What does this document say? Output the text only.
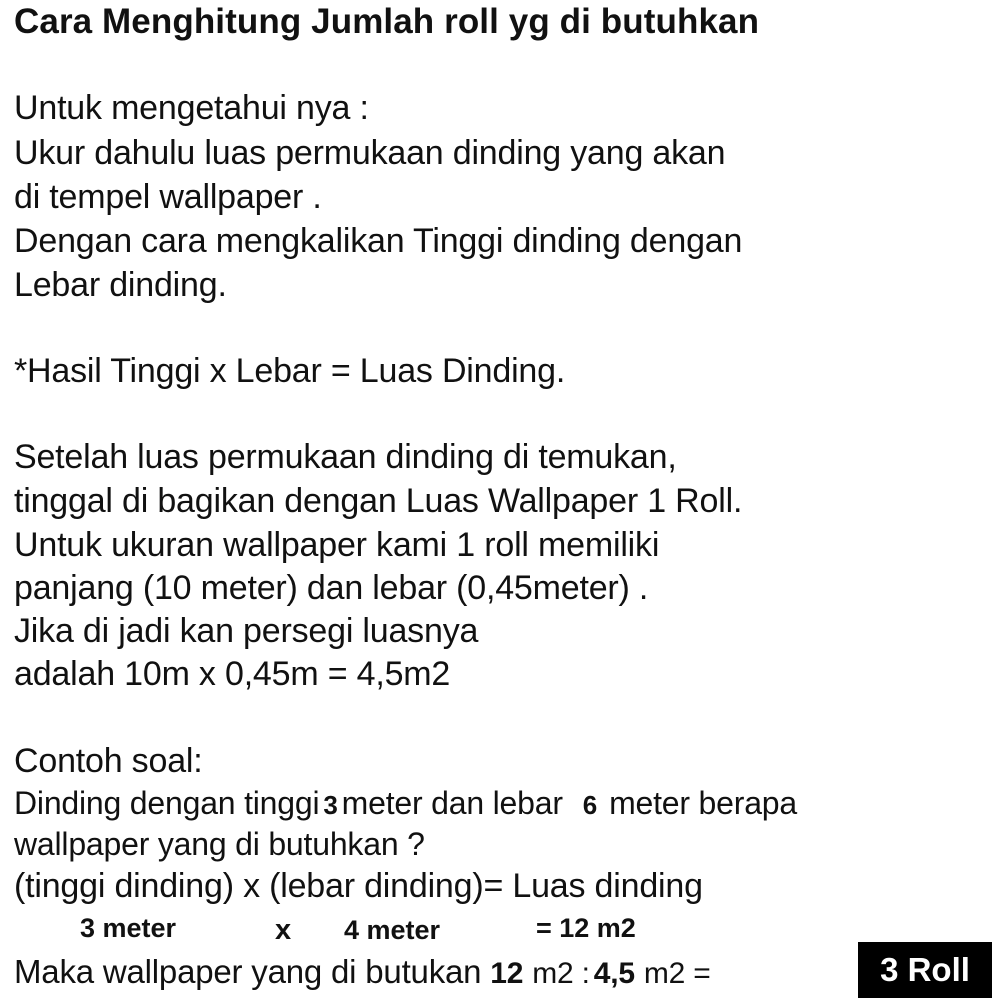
Cara Menghitung Jumlah roll yg di butuhkan
Untuk mengetahui nya :
Ukur dahulu luas permukaan dinding yang akan
di tempel wallpaper .
Dengan cara mengkalikan Tinggi dinding dengan
Lebar dinding.
*Hasil Tinggi x Lebar = Luas Dinding.
Setelah luas permukaan dinding di temukan,
tinggal di bagikan dengan Luas Wallpaper 1 Roll.
Untuk ukuran wallpaper kami 1 roll memiliki
panjang (10 meter) dan lebar (0,45meter) .
Jika di jadi kan persegi luasnya
adalah 10m x 0,45m = 4,5m2
Contoh soal:
Dinding dengan tinggi 3 meter dan lebar 6 meter berapa
wallpaper yang di butuhkan ?
(tinggi dinding) x (lebar dinding)= Luas dinding
3 meter	x 4 meter	= 12 m2
Maka wallpaper yang di butukan 12 m2 : 4,5 m2 =	3 Roll
